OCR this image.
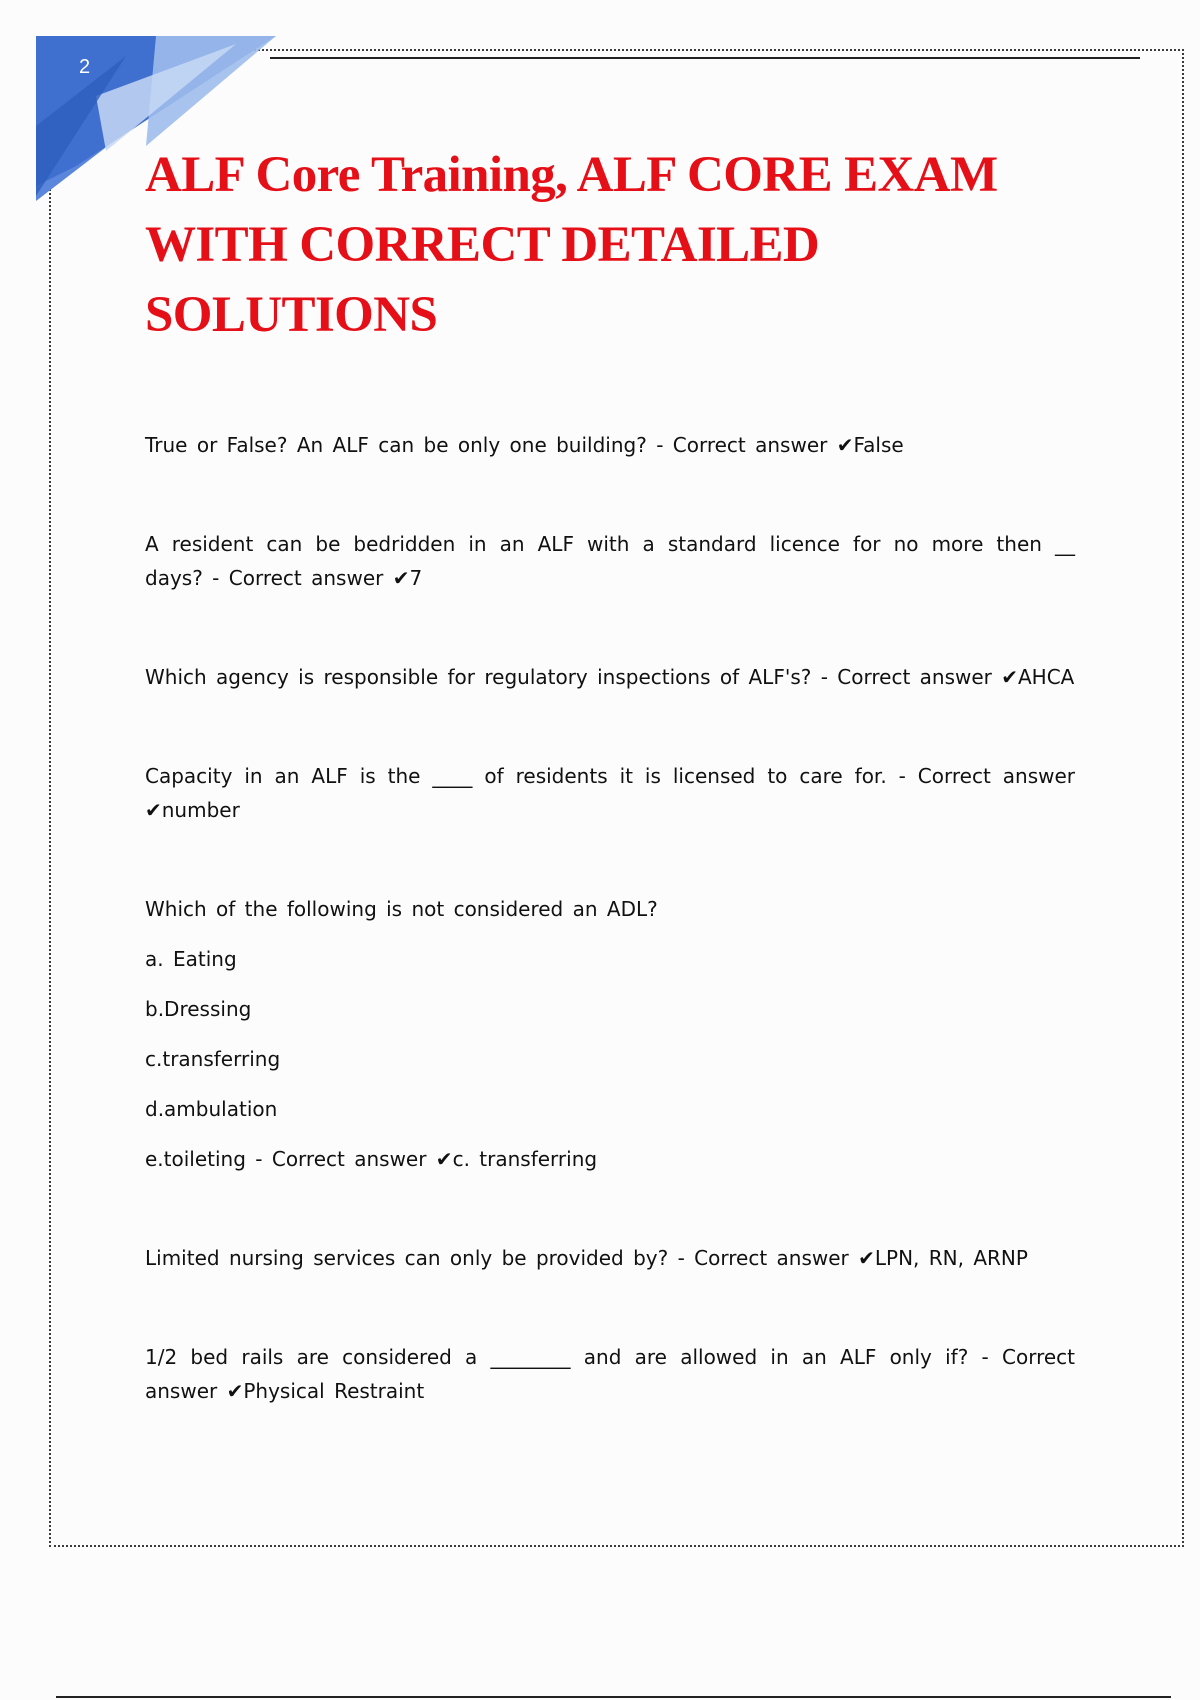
2
ALF Core Training, ALF CORE EXAM WITH CORRECT DETAILED SOLUTIONS

True or False? An ALF can be only one building? - Correct answer ✔False

A resident can be bedridden in an ALF with a standard licence for no more then __ days? - Correct answer ✔7

Which agency is responsible for regulatory inspections of ALF's? - Correct answer ✔AHCA

Capacity in an ALF is the ____ of residents it is licensed to care for. - Correct answer ✔number

Which of the following is not considered an ADL?

a. Eating

b.Dressing

c.transferring

d.ambulation

e.toileting - Correct answer ✔c. transferring

Limited nursing services can only be provided by? - Correct answer ✔LPN, RN, ARNP

1/2 bed rails are considered a ________ and are allowed in an ALF only if? - Correct answer ✔Physical Restraint
